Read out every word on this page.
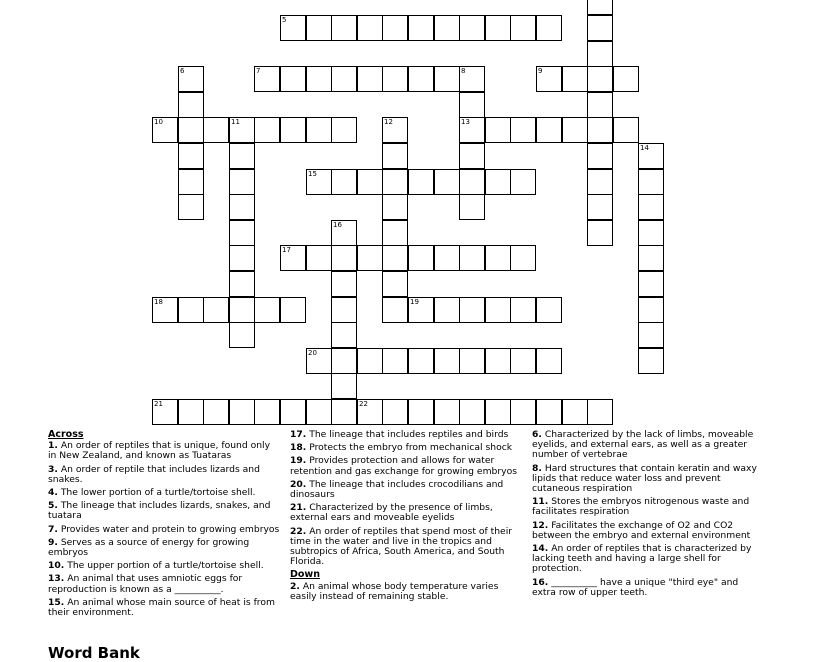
5
7	9
10	11	13
15
17
18	19
20
21	22
6	8
12
16
14
Across
1. An order of reptiles that is unique, found only in New Zealand, and known as Tuataras
3. An order of reptile that includes lizards and snakes.
4. The lower portion of a turtle/tortoise shell.
5. The lineage that includes lizards, snakes, and tuatara
7. Provides water and protein to growing embryos
9. Serves as a source of energy for growing embryos
10. The upper portion of a turtle/tortoise shell.
13. An animal that uses amniotic eggs for reproduction is known as a __________.
15. An animal whose main source of heat is from their environment.
17. The lineage that includes reptiles and birds
18. Protects the embryo from mechanical shock
19. Provides protection and allows for water retention and gas exchange for growing embryos
20. The lineage that includes crocodilians and dinosaurs
21. Characterized by the presence of limbs, external ears and moveable eyelids
22. An order of reptiles that spend most of their time in the water and live in the tropics and subtropics of Africa, South America, and South Florida.
Down
2. An animal whose body temperature varies easily instead of remaining stable.
6. Characterized by the lack of limbs, moveable eyelids, and external ears, as well as a greater number of vertebrae
8. Hard structures that contain keratin and waxy lipids that reduce water loss and prevent cutaneous respiration
11. Stores the embryos nitrogenous waste and facilitates respiration
12. Facilitates the exchange of O2 and CO2 between the embryo and external environment
14. An order of reptiles that is characterized by lacking teeth and having a large shell for protection.
16. __________ have a unique "third eye" and extra row of upper teeth.
Word Bank
